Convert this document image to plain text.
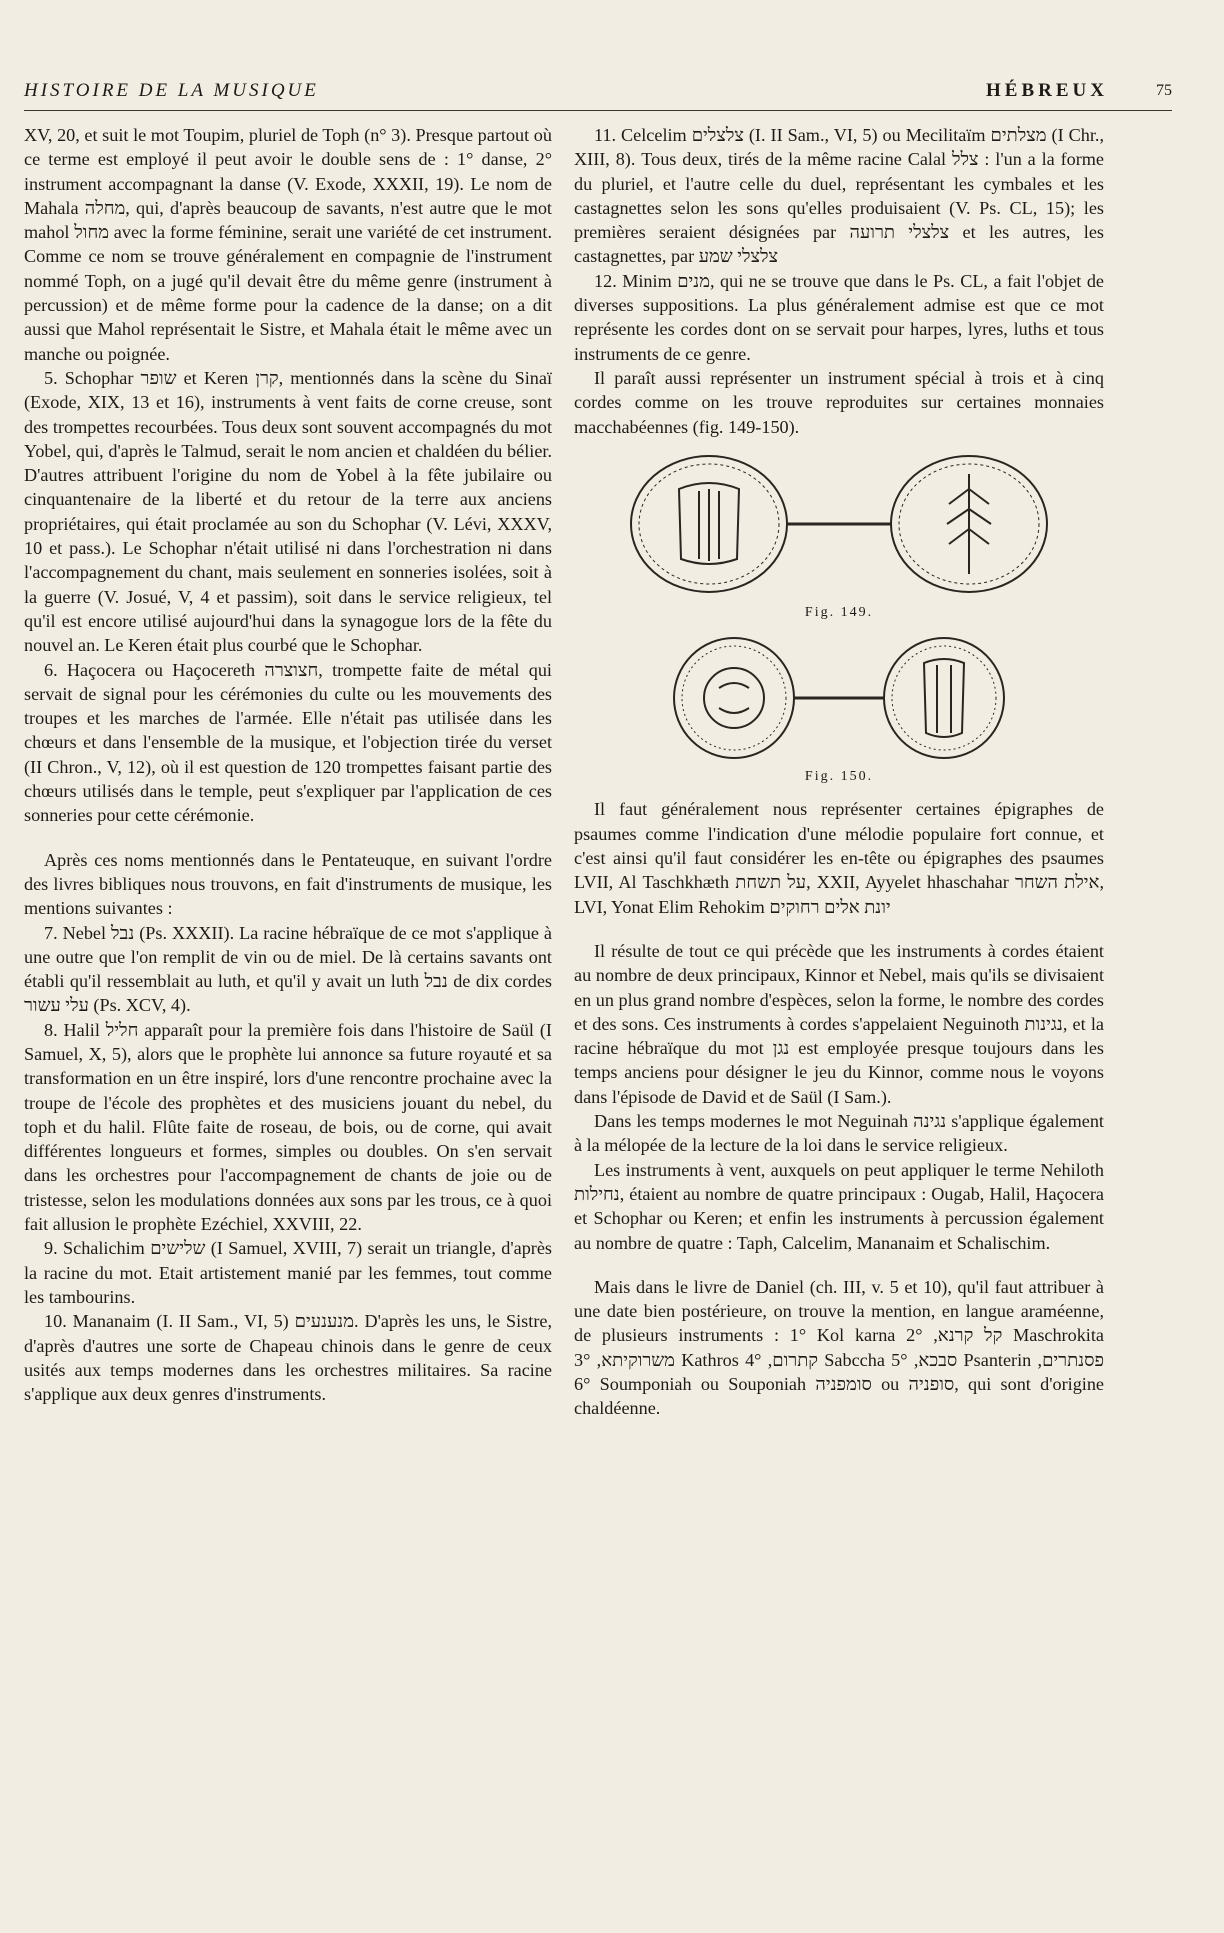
HISTOIRE DE LA MUSIQUE	HÉBREUX	75

XV, 20, et suit le mot Toupim, pluriel de Toph (n° 3). Presque partout où ce terme est employé il peut avoir le double sens de : 1° danse, 2° instrument accompagnant la danse (V. Exode, XXXII, 19). Le nom de Mahala מחלה, qui, d'après beaucoup de savants, n'est autre que le mot mahol מחול avec la forme féminine, serait une variété de cet instrument. Comme ce nom se trouve généralement en compagnie de l'instrument nommé Toph, on a jugé qu'il devait être du même genre (instrument à percussion) et de même forme pour la cadence de la danse; on a dit aussi que Mahol représentait le Sistre, et Mahala était le même avec un manche ou poignée.

5. Schophar שופר et Keren קרן, mentionnés dans la scène du Sinaï (Exode, XIX, 13 et 16), instruments à vent faits de corne creuse, sont des trompettes recourbées. Tous deux sont souvent accompagnés du mot Yobel, qui, d'après le Talmud, serait le nom ancien et chaldéen du bélier. D'autres attribuent l'origine du nom de Yobel à la fête jubilaire ou cinquantenaire de la liberté et du retour de la terre aux anciens propriétaires, qui était proclamée au son du Schophar (V. Lévi, XXXV, 10 et pass.). Le Schophar n'était utilisé ni dans l'orchestration ni dans l'accompagnement du chant, mais seulement en sonneries isolées, soit à la guerre (V. Josué, V, 4 et passim), soit dans le service religieux, tel qu'il est encore utilisé aujourd'hui dans la synagogue lors de la fête du nouvel an. Le Keren était plus courbé que le Schophar.

6. Haçocera ou Haçocereth חצוצרה, trompette faite de métal qui servait de signal pour les cérémonies du culte ou les mouvements des troupes et les marches de l'armée. Elle n'était pas utilisée dans les chœurs et dans l'ensemble de la musique, et l'objection tirée du verset (II Chron., V, 12), où il est question de 120 trompettes faisant partie des chœurs utilisés dans le temple, peut s'expliquer par l'application de ces sonneries pour cette cérémonie.

Après ces noms mentionnés dans le Pentateuque, en suivant l'ordre des livres bibliques nous trouvons, en fait d'instruments de musique, les mentions suivantes :

7. Nebel נבל (Ps. XXXII). La racine hébraïque de ce mot s'applique à une outre que l'on remplit de vin ou de miel. De là certains savants ont établi qu'il ressemblait au luth, et qu'il y avait un luth נבל de dix cordes עלי עשור (Ps. XCV, 4).

8. Halil חליל apparaît pour la première fois dans l'histoire de Saül (I Samuel, X, 5), alors que le prophète lui annonce sa future royauté et sa transformation en un être inspiré, lors d'une rencontre prochaine avec la troupe de l'école des prophètes et des musiciens jouant du nebel, du toph et du halil. Flûte faite de roseau, de bois, ou de corne, qui avait différentes longueurs et formes, simples ou doubles. On s'en servait dans les orchestres pour l'accompagnement de chants de joie ou de tristesse, selon les modulations données aux sons par les trous, ce à quoi fait allusion le prophète Ezéchiel, XXVIII, 22.

9. Schalichim שלישים (I Samuel, XVIII, 7) serait un triangle, d'après la racine du mot. Etait artistement manié par les femmes, tout comme les tambourins.

10. Mananaim (I. II Sam., VI, 5) מנענעים. D'après les uns, le Sistre, d'après d'autres une sorte de Chapeau chinois dans le genre de ceux usités aux temps modernes dans les orchestres militaires. Sa racine s'applique aux deux genres d'instruments.

11. Celcelim צלצלים (I. II Sam., VI, 5) ou Mecilitaïm מצלתים (I Chr., XIII, 8). Tous deux, tirés de la même racine Calal צלל : l'un a la forme du pluriel, et l'autre celle du duel, représentant les cymbales et les castagnettes selon les sons qu'elles produisaient (V. Ps. CL, 15); les premières seraient désignées par צלצלי תרועה et les autres, les castagnettes, par צלצלי שמע

12. Minim מנים, qui ne se trouve que dans le Ps. CL, a fait l'objet de diverses suppositions. La plus généralement admise est que ce mot représente les cordes dont on se servait pour harpes, lyres, luths et tous instruments de ce genre.

Il paraît aussi représenter un instrument spécial à trois et à cinq cordes comme on les trouve reproduites sur certaines monnaies macchabéennes (fig. 149-150).

Fig. 149.
Fig. 150.

Il faut généralement nous représenter certaines épigraphes de psaumes comme l'indication d'une mélodie populaire fort connue, et c'est ainsi qu'il faut considérer les en-tête ou épigraphes des psaumes LVII, Al Taschkhæth על תשחת, XXII, Ayyelet hhaschahar אילת השחר, LVI, Yonat Elim Rehokim יונת אלים רחוקים

Il résulte de tout ce qui précède que les instruments à cordes étaient au nombre de deux principaux, Kinnor et Nebel, mais qu'ils se divisaient en un plus grand nombre d'espèces, selon la forme, le nombre des cordes et des sons. Ces instruments à cordes s'appelaient Neguinoth נגינות, et la racine hébraïque du mot נגן est employée presque toujours dans les temps anciens pour désigner le jeu du Kinnor, comme nous le voyons dans l'épisode de David et de Saül (I Sam.).

Dans les temps modernes le mot Neguinah נגינה s'applique également à la mélopée de la lecture de la loi dans le service religieux.

Les instruments à vent, auxquels on peut appliquer le terme Nehiloth נחילות, étaient au nombre de quatre principaux : Ougab, Halil, Haçocera et Schophar ou Keren; et enfin les instruments à percussion également au nombre de quatre : Taph, Calcelim, Mananaim et Schalischim.

Mais dans le livre de Daniel (ch. III, v. 5 et 10), qu'il faut attribuer à une date bien postérieure, on trouve la mention, en langue araméenne, de plusieurs instruments : 1° Kol karna קל קרנא, 2° Maschrokita משרוקיתא, 3° Kathros קתרום, 4° Sabccha סבכא, 5° Psanterin פסנתרים, 6° Soumponiah ou Souponiah סומפניה ou סופניה, qui sont d'origine chaldéenne.
